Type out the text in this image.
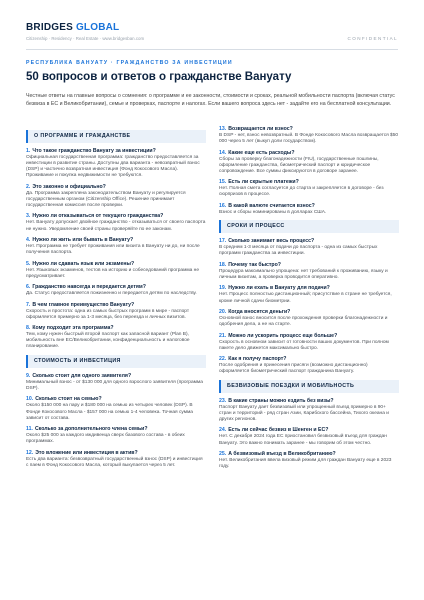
BRIDGES GLOBAL
Citizenship · Residency · Real Estate · www.bridgesban.com	CONFIDENTIAL
РЕСПУБЛИКА ВАНУАТУ · ГРАЖДАНСТВО ЗА ИНВЕСТИЦИИ
50 вопросов и ответов о гражданстве Вануату
Честные ответы на главные вопросы о сомнения: о программе и ее законности, стоимости и сроках, реальной мобильности паспорта (включая статус безвиза в ЕС и Великобритании), семье и проверках, паспорте и налогах. Если вашего вопроса здесь нет - задайте его на бесплатной консультации.
О ПРОГРАММЕ И ГРАЖДАНСТВЕ
1. Что такое гражданство Вануату за инвестиции?
Официальная государственная программа: гражданство предоставляется за инвестиции в развитие страны. Доступны два варианта - невозвратный взнос (DSP) и частично возвратная инвестиция (Фонд Кокосового Масла). Проживание и покупка недвижимости не требуются.
2. Это законно и официально?
Да. Программа закреплена законодательством Вануату и регулируется государственным органом (Citizenship Office). Решение принимает государственная комиссия после проверки.
3. Нужно ли отказываться от текущего гражданства?
Нет. Вануату допускает двойное гражданство - отказываться от своего паспорта не нужно. Уведомление своей страны проверяйте по ее законам.
4. Нужно ли жить или бывать в Вануату?
Нет. Программа не требует проживания или визита в Вануату ни до, ни после получения паспорта.
5. Нужно ли сдавать язык или экзамены?
Нет. Языковых экзаменов, тестов на историю и собеседований программа не предусматривает.
6. Гражданство навсегда и передается детям?
Да. Статус предоставляется пожизненно и передается детям по наследству.
7. В чем главное преимущество Вануату?
Скорость и простота: одна из самых быстрых программ в мире - паспорт оформляется примерно за 1-3 месяца, без переезда и личных визитов.
8. Кому подходит эта программа?
Тем, кому нужен быстрый второй паспорт как запасной вариант (Plan B), мобильность вне ЕС/Великобритании, конфиденциальность и налоговое планирование.
СТОИМОСТЬ И ИНВЕСТИЦИЯ
9. Сколько стоит для одного заявителя?
Минимальный взнос - от $130 000 для одного взрослого заявителя (программа DSP).
10. Сколько стоит на семью?
Около $150 000 на пару и $180 000 на семью из четырех человек (DSP). В Фонде Кокосового Масла - $157 000 на семью 1-4 человека. Точная сумма зависит от состава.
11. Сколько за дополнительного члена семьи?
Около $25 000 за каждого иждивенца сверх базового состава - в обеих программах.
12. Это вложение или инвестиция в актив?
Есть два варианта: безвозвратный государственный взнос (DSP) и инвестиция с паем в Фонд Кокосового Масла, который выкупается через 5 лет.
13. Возвращается ли взнос?
В DSP - нет, взнос невозвратный. В Фонде Кокосового Масла возвращается $50 000 через 5 лет (выкуп доли государством).
14. Какие еще есть расходы?
Сборы за проверку благонадежности (FIU), государственные пошлины, оформление гражданства, биометрический паспорт и юридическое сопровождение. Все суммы фиксируются в договоре заранее.
15. Есть ли скрытые платежи?
Нет. Полная смета согласуется до старта и закрепляется в договоре - без сюрпризов в процессе.
16. В какой валюте считается взнос?
Взнос и сборы номинированы в долларах США.
СРОКИ И ПРОЦЕСС
17. Сколько занимает весь процесс?
В среднем 1-3 месяца от подачи до паспорта - одна из самых быстрых программ гражданства за инвестиции.
18. Почему так быстро?
Процедура максимально упрощена: нет требований к проживанию, языку и личным визитам, а проверка проводится оперативно.
19. Нужно ли ехать в Вануату для подачи?
Нет. Процесс полностью дистанционный; присутствие в стране не требуется, кроме личной сдачи биометрии.
20. Когда вносятся деньги?
Основной взнос вносится после прохождения проверки благонадежности и одобрения дела, а не на старте.
21. Можно ли ускорить процесс еще больше?
Скорость в основном зависит от готовности ваших документов. При полном пакете дело движется максимально быстро.
22. Как я получу паспорт?
После одобрения и принесения присяги (возможно дистанционно) оформляется биометрический паспорт гражданина Вануату.
БЕЗВИЗОВЫЕ ПОЕЗДКИ И МОБИЛЬНОСТЬ
23. В какие страны можно ездить без визы?
Паспорт Вануату дает безвизовый или упрощенный въезд примерно в 90+ стран и территорий - ряд стран Азии, Карибского бассейна, Тихого океана и других регионов.
24. Есть ли сейчас безвиз в Шенген и ЕС?
Нет. С декабря 2024 года ЕС приостановил безвизовый въезд для граждан Вануату. Это важно понимать заранее - мы говорим об этом честно.
25. А безвизовый въезд в Великобританию?
Нет. Великобритания ввела визовый режим для граждан Вануату еще в 2023 году.
